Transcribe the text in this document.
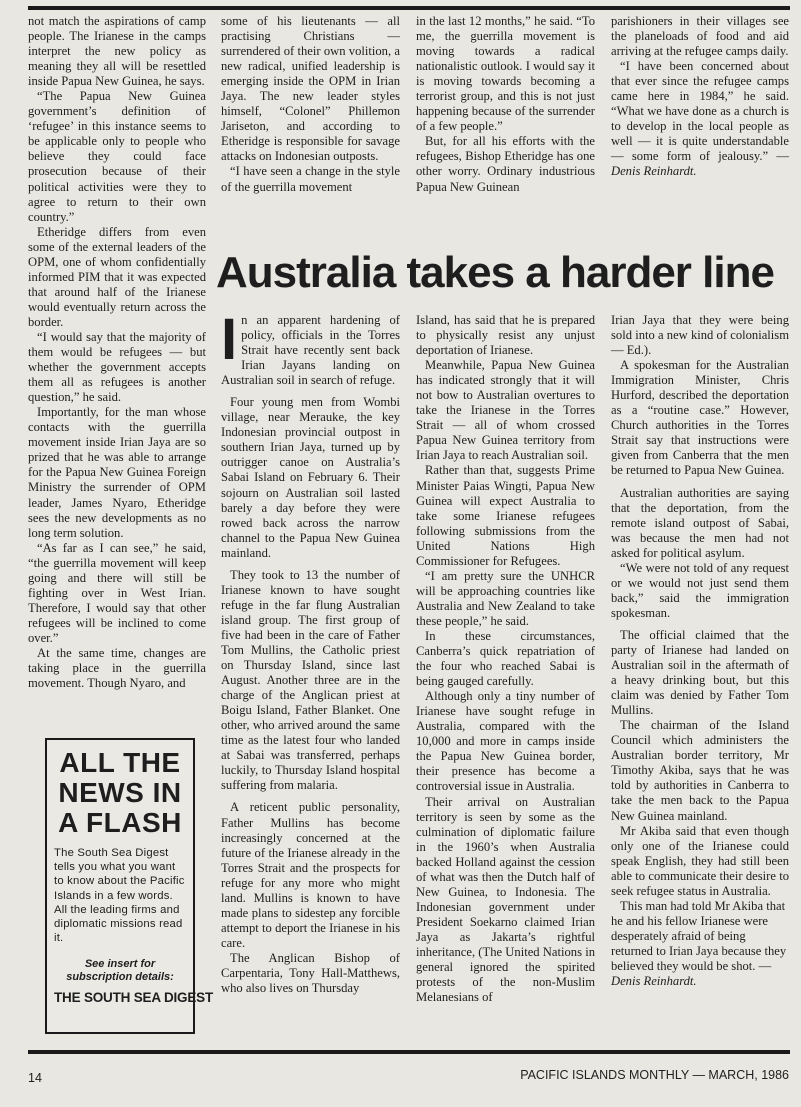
not match the aspirations of camp people. The Irianese in the camps interpret the new policy as meaning they all will be resettled inside Papua New Guinea, he says.

“The Papua New Guinea government’s definition of ‘refugee’ in this instance seems to be applicable only to people who believe they could face prosecution because of their political activities were they to agree to return to their own country.”

Etheridge differs from even some of the external leaders of the OPM, one of whom confidentially informed PIM that it was expected that around half of the Irianese would eventually return across the border.

“I would say that the majority of them would be refugees — but whether the government accepts them all as refugees is another question,” he said.

Importantly, for the man whose contacts with the guerrilla movement inside Irian Jaya are so prized that he was able to arrange for the Papua New Guinea Foreign Ministry the surrender of OPM leader, James Nyaro, Etheridge sees the new developments as no long term solution.

“As far as I can see,” he said, “the guerrilla movement will keep going and there will still be fighting over in West Irian. Therefore, I would say that other refugees will be inclined to come over.”

At the same time, changes are taking place in the guerrilla movement. Though Nyaro, and

some of his lieutenants — all practising Christians — surrendered of their own volition, a new radical, unified leadership is emerging inside the OPM in Irian Jaya. The new leader styles himself, “Colonel” Phillemon Jariseton, and according to Etheridge is responsible for savage attacks on Indonesian outposts.

“I have seen a change in the style of the guerrilla movement

in the last 12 months,” he said. “To me, the guerrilla movement is moving towards a radical nationalistic outlook. I would say it is moving towards becoming a terrorist group, and this is not just happening because of the surrender of a few people.”

But, for all his efforts with the refugees, Bishop Etheridge has one other worry. Ordinary industrious Papua New Guinean

parishioners in their villages see the planeloads of food and aid arriving at the refugee camps daily.

“I have been concerned about that ever since the refugee camps came here in 1984,” he said. “What we have done as a church is to develop in the local people as well — it is quite understandable — some form of jealousy.” — Denis Reinhardt.

Australia takes a harder line

In an apparent hardening of policy, officials in the Torres Strait have recently sent back Irian Jayans landing on Australian soil in search of refuge.

Four young men from Wombi village, near Merauke, the key Indonesian provincial outpost in southern Irian Jaya, turned up by outrigger canoe on Australia’s Sabai Island on February 6. Their sojourn on Australian soil lasted barely a day before they were rowed back across the narrow channel to the Papua New Guinea mainland.

They took to 13 the number of Irianese known to have sought refuge in the far flung Australian island group. The first group of five had been in the care of Father Tom Mullins, the Catholic priest on Thursday Island, since last August. Another three are in the charge of the Anglican priest at Boigu Island, Father Blanket. One other, who arrived around the same time as the latest four who landed at Sabai was transferred, perhaps luckily, to Thursday Island hospital suffering from malaria.

A reticent public personality, Father Mullins has become increasingly concerned at the future of the Irianese already in the Torres Strait and the prospects for refuge for any more who might land. Mullins is known to have made plans to sidestep any forcible attempt to deport the Irianese in his care.

The Anglican Bishop of Carpentaria, Tony Hall-Matthews, who also lives on Thursday

Island, has said that he is prepared to physically resist any unjust deportation of Irianese.

Meanwhile, Papua New Guinea has indicated strongly that it will not bow to Australian overtures to take the Irianese in the Torres Strait — all of whom crossed Papua New Guinea territory from Irian Jaya to reach Australian soil.

Rather than that, suggests Prime Minister Paias Wingti, Papua New Guinea will expect Australia to take some Irianese refugees following submissions from the United Nations High Commissioner for Refugees.

“I am pretty sure the UNHCR will be approaching countries like Australia and New Zealand to take these people,” he said.

In these circumstances, Canberra’s quick repatriation of the four who reached Sabai is being gauged carefully.

Although only a tiny number of Irianese have sought refuge in Australia, compared with the 10,000 and more in camps inside the Papua New Guinea border, their presence has become a controversial issue in Australia.

Their arrival on Australian territory is seen by some as the culmination of diplomatic failure in the 1960’s when Australia backed Holland against the cession of what was then the Dutch half of New Guinea, to Indonesia. The Indonesian government under President Soekarno claimed Irian Jaya as Jakarta’s rightful inheritance, (The United Nations in general ignored the spirited protests of the non-Muslim Melanesians of

Irian Jaya that they were being sold into a new kind of colonialism — Ed.).

A spokesman for the Australian Immigration Minister, Chris Hurford, described the deportation as a “routine case.” However, Church authorities in the Torres Strait say that instructions were given from Canberra that the men be returned to Papua New Guinea.

Australian authorities are saying that the deportation, from the remote island outpost of Sabai, was because the men had not asked for political asylum.

“We were not told of any request or we would not just send them back,” said the immigration spokesman.

The official claimed that the party of Irianese had landed on Australian soil in the aftermath of a heavy drinking bout, but this claim was denied by Father Tom Mullins.

The chairman of the Island Council which administers the Australian border territory, Mr Timothy Akiba, says that he was told by authorities in Canberra to take the men back to the Papua New Guinea mainland.

Mr Akiba said that even though only one of the Irianese could speak English, they had still been able to communicate their desire to seek refugee status in Australia.

This man had told Mr Akiba that he and his fellow Irianese were desperately afraid of being returned to Irian Jaya because they believed they would be shot. — Denis Reinhardt.

ALL THE NEWS IN A FLASH

The South Sea Digest tells you what you want to know about the Pacific Islands in a few words. All the leading firms and diplomatic missions read it.

See insert for subscription details:

THE SOUTH SEA DIGEST

14	PACIFIC ISLANDS MONTHLY — MARCH, 1986
